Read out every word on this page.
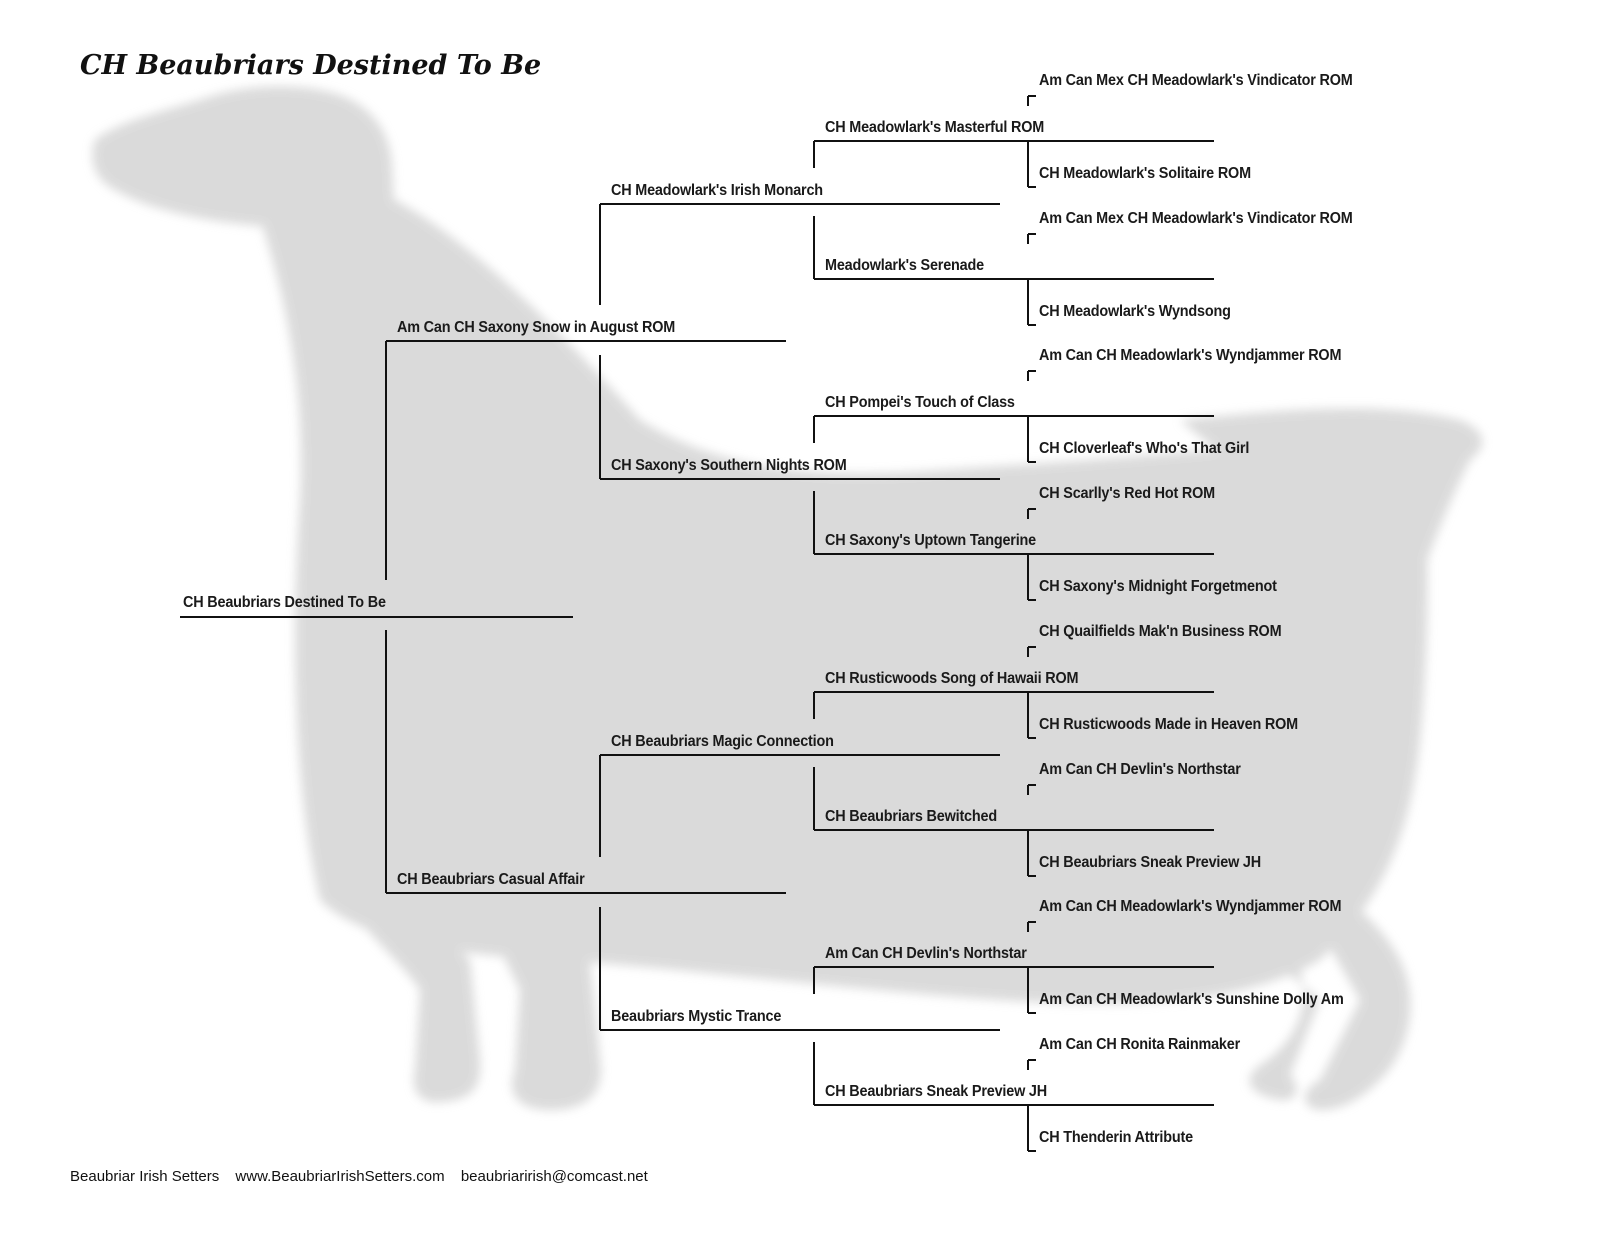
CH Beaubriars Destined To Be
CH Beaubriars Destined To Be
Am Can CH Saxony Snow in August ROM
CH Beaubriars Casual Affair
CH Meadowlark's Irish Monarch
CH Saxony's Southern Nights ROM
CH Beaubriars Magic Connection
Beaubriars Mystic Trance
CH Meadowlark's Masterful ROM
Meadowlark's Serenade
CH Pompei's Touch of Class
CH Saxony's Uptown Tangerine
CH Rusticwoods Song of Hawaii ROM
CH Beaubriars Bewitched
Am Can CH Devlin's Northstar
CH Beaubriars Sneak Preview JH
Am Can Mex CH Meadowlark's Vindicator ROM
CH Meadowlark's Solitaire ROM
Am Can Mex CH Meadowlark's Vindicator ROM
CH Meadowlark's Wyndsong
Am Can CH Meadowlark's Wyndjammer ROM
CH Cloverleaf's Who's That Girl
CH Scarlly's Red Hot ROM
CH Saxony's Midnight Forgetmenot
CH Quailfields Mak'n Business ROM
CH Rusticwoods Made in Heaven ROM
Am Can CH Devlin's Northstar
CH Beaubriars Sneak Preview JH
Am Can CH Meadowlark's Wyndjammer ROM
Am Can CH Meadowlark's Sunshine Dolly Am
Am Can CH Ronita Rainmaker
CH Thenderin Attribute
Beaubriar Irish Setters www.BeaubriarIrishSetters.com beaubriarirish@comcast.net
